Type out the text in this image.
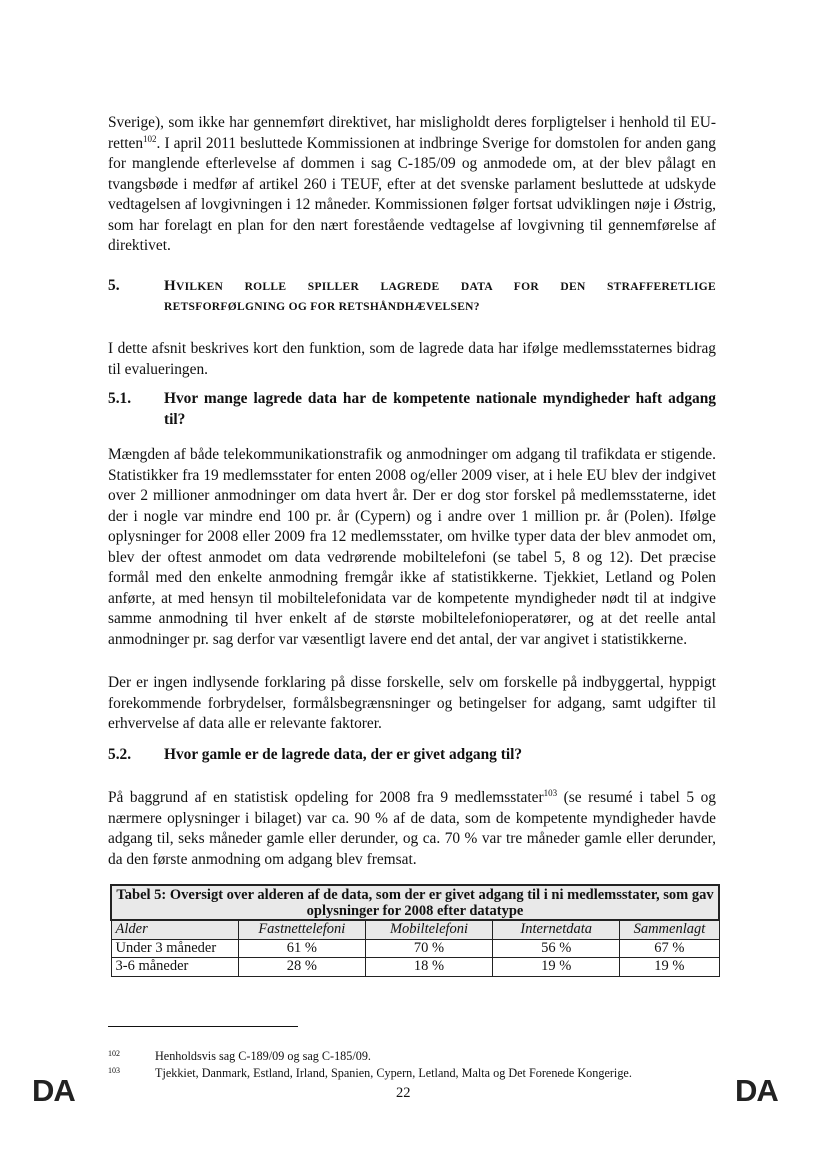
Sverige), som ikke har gennemført direktivet, har misligholdt deres forpligtelser i henhold til EU-retten$^{102}$. I april 2011 besluttede Kommissionen at indbringe Sverige for domstolen for anden gang for manglende efterlevelse af dommen i sag C-185/09 og anmodede om, at der blev pålagt en tvangsbøde i medfør af artikel 260 i TEUF, efter at det svenske parlament besluttede at udskyde vedtagelsen af lovgivningen i 12 måneder. Kommissionen følger fortsat udviklingen nøje i Østrig, som har forelagt en plan for den nært forestående vedtagelse af lovgivning til gennemførelse af direktivet.

5.	HVILKEN ROLLE SPILLER LAGREDE DATA FOR DEN STRAFFERETLIGE
RETSFORFØLGNING OG FOR RETSHÅNDHÆVELSEN?

I dette afsnit beskrives kort den funktion, som de lagrede data har ifølge medlemsstaternes bidrag til evalueringen.

5.1. Hvor mange lagrede data har de kompetente nationale myndigheder haft adgang til?

Mængden af både telekommunikationstrafik og anmodninger om adgang til trafikdata er stigende. Statistikker fra 19 medlemsstater for enten 2008 og/eller 2009 viser, at i hele EU blev der indgivet over 2 millioner anmodninger om data hvert år. Der er dog stor forskel på medlemsstaterne, idet der i nogle var mindre end 100 pr. år (Cypern) og i andre over 1 million pr. år (Polen). Ifølge oplysninger for 2008 eller 2009 fra 12 medlemsstater, om hvilke typer data der blev anmodet om, blev der oftest anmodet om data vedrørende mobiltelefoni (se tabel 5, 8 og 12). Det præcise formål med den enkelte anmodning fremgår ikke af statistikkerne. Tjekkiet, Letland og Polen anførte, at med hensyn til mobiltelefonidata var de kompetente myndigheder nødt til at indgive samme anmodning til hver enkelt af de største mobiltelefonioperatører, og at det reelle antal anmodninger pr. sag derfor var væsentligt lavere end det antal, der var angivet i statistikkerne.

Der er ingen indlysende forklaring på disse forskelle, selv om forskelle på indbyggertal, hyppigt forekommende forbrydelser, formålsbegrænsninger og betingelser for adgang, samt udgifter til erhvervelse af data alle er relevante faktorer.

5.2. Hvor gamle er de lagrede data, der er givet adgang til?

På baggrund af en statistisk opdeling for 2008 fra 9 medlemsstater$^{103}$ (se resumé i tabel 5 og nærmere oplysninger i bilaget) var ca. 90 % af de data, som de kompetente myndigheder havde adgang til, seks måneder gamle eller derunder, og ca. 70 % var tre måneder gamle eller derunder, da den første anmodning om adgang blev fremsat.

Tabel 5: Oversigt over alderen af de data, som der er givet adgang til i ni medlemsstater, som gav oplysninger for 2008 efter datatype				
Alder	Fastnettelefoni	Mobiltelefoni	Internetdata	Sammenlagt
Under 3 måneder	61 %	70 %	56 %	67 %
3-6 måneder	28 %	18 %	19 %	19 %
102	Henholdsvis sag C-189/09 og sag C-185/09.
103	Tjekkiet, Danmark, Estland, Irland, Spanien, Cypern, Letland, Malta og Det Forenede Kongerige.
DA	22	DA
